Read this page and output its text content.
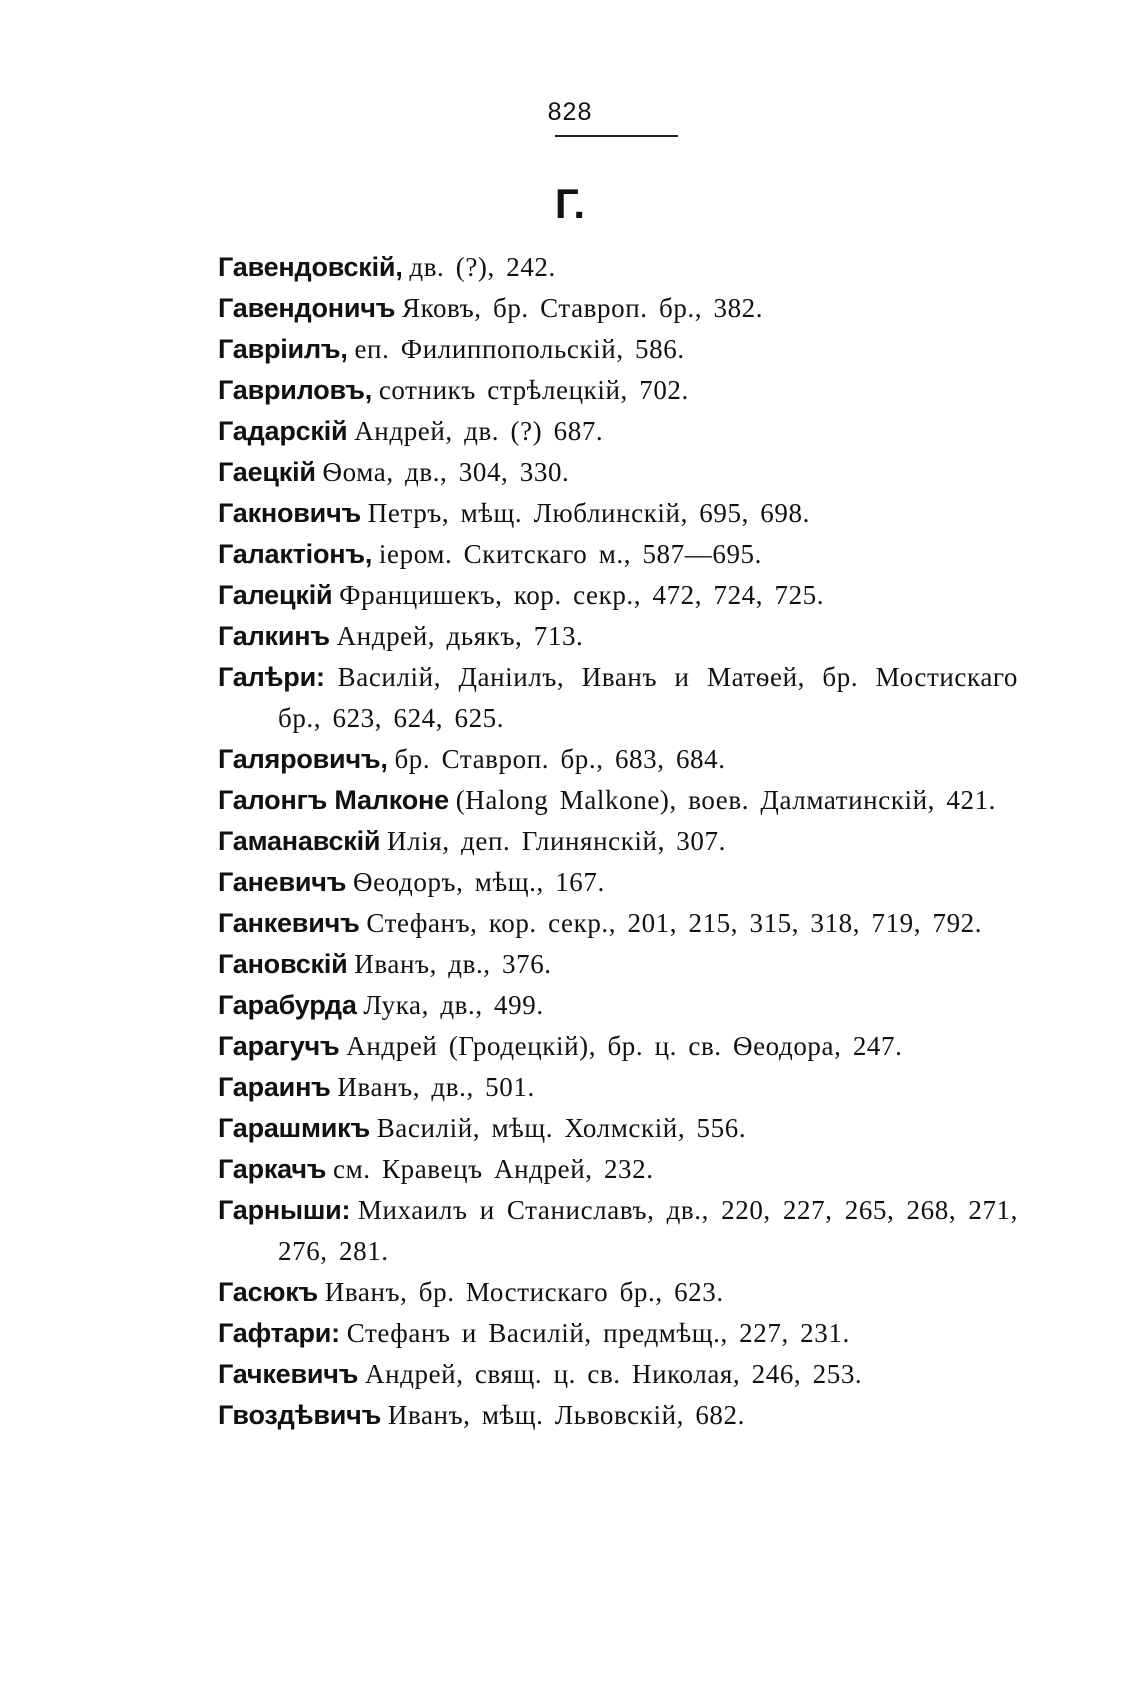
828
Г.
Гавендовскій, дв. (?), 242.
Гавендоничъ Яковъ, бр. Ставроп. бр., 382.
Гавріилъ, еп. Филиппопольскій, 586.
Гавриловъ, сотникъ стрѣлецкій, 702.
Гадарскій Андрей, дв. (?) 687.
Гаецкій Ѳома, дв., 304, 330.
Гакновичъ Петръ, мѣщ. Люблинскій, 695, 698.
Галактіонъ, іером. Скитскаго м., 587—695.
Галецкій Францишекъ, кор. секр., 472, 724, 725.
Галкинъ Андрей, дьякъ, 713.
Галѣри: Василій, Даніилъ, Иванъ и Матѳей, бр. Мостискаго бр., 623, 624, 625.
Галяровичъ, бр. Ставроп. бр., 683, 684.
Галонгъ Малконе (Halong Malkone), воев. Далматинскій, 421.
Гаманавскій Илія, деп. Глинянскій, 307.
Ганевичъ Ѳеодоръ, мѣщ., 167.
Ганкевичъ Стефанъ, кор. секр., 201, 215, 315, 318, 719, 792.
Гановскій Иванъ, дв., 376.
Гарабурда Лука, дв., 499.
Гарагучъ Андрей (Гродецкій), бр. ц. св. Ѳеодора, 247.
Гараинъ Иванъ, дв., 501.
Гарашмикъ Василій, мѣщ. Холмскій, 556.
Гаркачъ см. Кравецъ Андрей, 232.
Гарныши: Михаилъ и Станиславъ, дв., 220, 227, 265, 268, 271, 276, 281.
Гасюкъ Иванъ, бр. Мостискаго бр., 623.
Гафтари: Стефанъ и Василій, предмѣщ., 227, 231.
Гачкевичъ Андрей, свящ. ц. св. Николая, 246, 253.
Гвоздѣвичъ Иванъ, мѣщ. Львовскій, 682.
